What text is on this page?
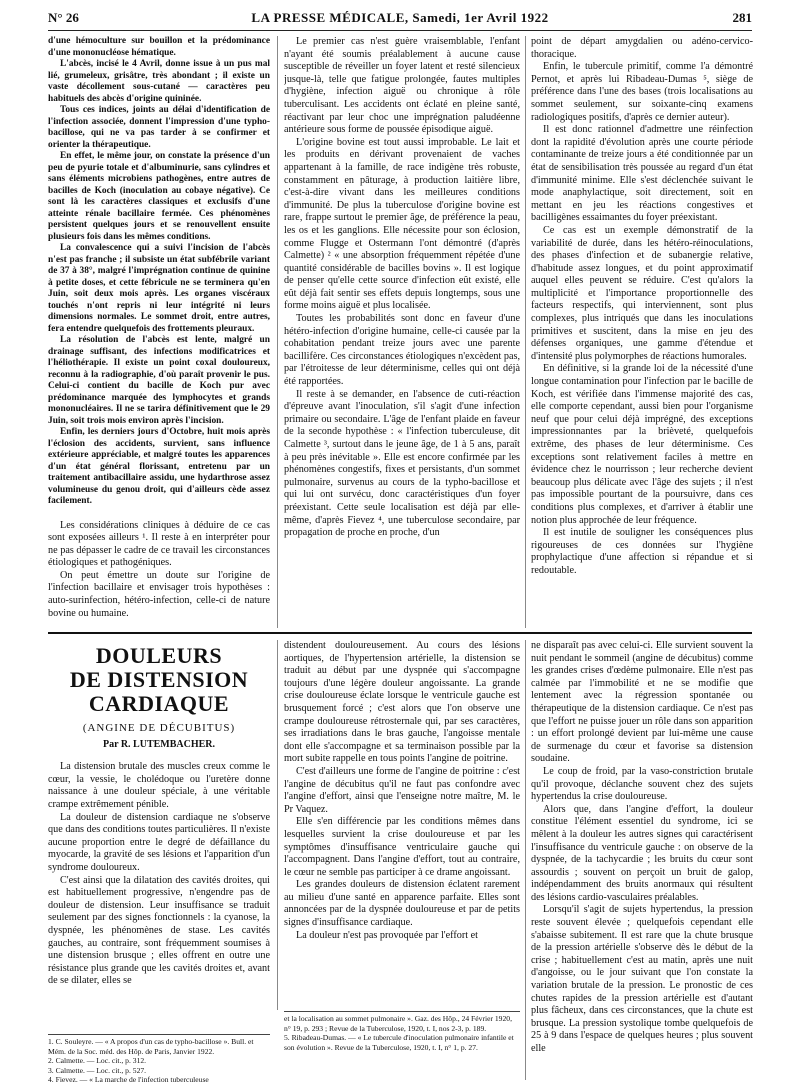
N° 26	LA PRESSE MÉDICALE, Samedi, 1er Avril 1922	281

d'une hémoculture sur bouillon et la prédominance d'une mononucléose hématique.

L'abcès, incisé le 4 Avril, donne issue à un pus mal lié, grumeleux, grisâtre, très abondant ; il existe un vaste décollement sous-cutané — caractères peu habituels des abcès d'origine quininée.

Tous ces indices, joints au délai d'identification de l'infection associée, donnent l'impression d'une typho-bacillose, qui ne va pas tarder à se confirmer et orienter la thérapeutique.

En effet, le même jour, on constate la présence d'un peu de pyurie totale et d'albuminurie, sans cylindres et sans éléments microbiens pathogènes, entre autres de bacilles de Koch (inoculation au cobaye négative). Ce sont là les caractères classiques et exclusifs d'une atteinte rénale bacillaire fermée. Ces phénomènes persistent quelques jours et se renouvellent ensuite plusieurs fois dans les mêmes conditions.

La convalescence qui a suivi l'incision de l'abcès n'est pas franche ; il subsiste un état subfébrile variant de 37 à 38°, malgré l'imprégnation continue de quinine à petite doses, et cette fébricule ne se terminera qu'en Juin, soit deux mois après. Les organes viscéraux touchés n'ont repris ni leur intégrité ni leurs dimensions normales. Le sommet droit, entre autres, fera entendre quelquefois des frottements pleuraux.

La résolution de l'abcès est lente, malgré un drainage suffisant, des infections modificatrices et l'héliothérapie. Il existe un point coxal douloureux, reconnu à la radiographie, d'où paraît provenir le pus. Celui-ci contient du bacille de Koch pur avec prédominance marquée des lymphocytes et grands mononucléaires. Il ne se tarira définitivement que le 29 Juin, soit trois mois environ après l'incision.

Enfin, les derniers jours d'Octobre, huit mois après l'éclosion des accidents, survient, sans influence extérieure appréciable, et malgré toutes les apparences d'un état général florissant, entretenu par un traitement antibacillaire assidu, une hydarthrose assez volumineuse du genou droit, qui d'ailleurs cède assez facilement.

Les considérations cliniques à déduire de ce cas sont exposées ailleurs ¹. Il reste à en interpréter pour ne pas dépasser le cadre de ce travail les circonstances étiologiques et pathogéniques.

On peut émettre un doute sur l'origine de l'infection bacillaire et envisager trois hypothèses : auto-surinfection, hétéro-infection, celle-ci de nature bovine ou humaine.

Le premier cas n'est guère vraisemblable, l'enfant n'ayant été soumis préalablement à aucune cause susceptible de réveiller un foyer latent et resté silencieux jusque-là, telle que fatigue prolongée, fautes multiples d'hygiène, infection aiguë ou chronique à rôle tuberculisant. Les accidents ont éclaté en pleine santé, réactivant par leur choc une imprégnation paludéenne antérieure sous forme de poussée épisodique aiguë.

L'origine bovine est tout aussi improbable. Le lait et les produits en dérivant provenaient de vaches appartenant à la famille, de race indigène très robuste, constamment en pâturage, à production laitière libre, c'est-à-dire vivant dans les meilleures conditions d'immunité. De plus la tuberculose d'origine bovine est rare, frappe surtout le premier âge, de préférence la peau, les os et les ganglions. Elle nécessite pour son éclosion, comme Flugge et Ostermann l'ont démontré (d'après Calmette) ² « une absorption fréquemment répétée d'une quantité considérable de bacilles bovins ». Il est logique de penser qu'elle cette source d'infection eût existé, elle eût déjà fait sentir ses effets depuis longtemps, sous une forme moins aiguë et plus localisée.

Toutes les probabilités sont donc en faveur d'une hétéro-infection d'origine humaine, celle-ci causée par la cohabitation pendant treize jours avec une parente bacillifère. Ces circonstances étiologiques n'excèdent pas, par l'étroitesse de leur déterminisme, celles qui ont déjà été rapportées.

Il reste à se demander, en l'absence de cuti-réaction d'épreuve avant l'inoculation, s'il s'agit d'une infection primaire ou secondaire. L'âge de l'enfant plaide en faveur de la seconde hypothèse : « l'infection tuberculeuse, dit Calmette ³, surtout dans le jeune âge, de 1 à 5 ans, paraît à peu près inévitable ». Elle est encore confirmée par les phénomènes congestifs, fixes et persistants, d'un sommet pulmonaire, survenus au cours de la typho-bacillose et qui lui ont survécu, donc caractéristiques d'un foyer préexistant. Cette seule localisation est déjà par elle-même, d'après Fievez ⁴, une tuberculose secondaire, par propagation de proche en proche, d'un

point de départ amygdalien ou adéno-cervico-thoracique.

Enfin, le tubercule primitif, comme l'a démontré Pernot, et après lui Ribadeau-Dumas ⁵, siège de préférence dans l'une des bases (trois localisations au sommet seulement, sur soixante-cinq examens radiologiques positifs, d'après ce dernier auteur).

Il est donc rationnel d'admettre une réinfection dont la rapidité d'évolution après une courte période contaminante de treize jours a été conditionnée par un état de sensibilisation très poussée au regard d'un état d'immunité minime. Elle s'est déclenchée suivant le mode anaphylactique, soit directement, soit en mettant en jeu les réactions congestives et bacilligènes essaimantes du foyer préexistant.

Ce cas est un exemple démonstratif de la variabilité de durée, dans les hétéro-réinoculations, des phases d'infection et de subanergie relative, d'habitude assez longues, et du point approximatif auquel elles peuvent se réduire. C'est qu'alors la multiplicité et l'importance proportionnelle des facteurs respectifs, qui interviennent, sont plus complexes, plus intriqués que dans les inoculations primitives et suscitent, dans la mise en jeu des défenses organiques, une gamme d'étendue et d'intensité plus polymorphes de réactions humorales.

En définitive, si la grande loi de la nécessité d'une longue contamination pour l'infection par le bacille de Koch, est vérifiée dans l'immense majorité des cas, elle comporte cependant, aussi bien pour l'organisme neuf que pour celui déjà imprégné, des exceptions impressionnantes par la brièveté, quelquefois extrême, des phases de leur déterminisme. Ces exceptions sont relativement faciles à mettre en évidence chez le nourrisson ; leur recherche devient beaucoup plus délicate avec l'âge des sujets ; il n'est pas impossible pourtant de la poursuivre, dans ces conditions plus complexes, et d'arriver à établir une notion plus approchée de leur fréquence.

Il est inutile de souligner les conséquences plus rigoureuses de ces données sur l'hygiène prophylactique d'une affection si répandue et si redoutable.

DOULEURS
DE DISTENSION CARDIAQUE
(ANGINE DE DÉCUBITUS)
Par R. LUTEMBACHER.

La distension brutale des muscles creux comme le cœur, la vessie, le cholédoque ou l'uretère donne naissance à une douleur spéciale, à une véritable crampe extrêmement pénible.

La douleur de distension cardiaque ne s'observe que dans des conditions toutes particulières. Il n'existe aucune proportion entre le degré de défaillance du myocarde, la gravité de ses lésions et l'apparition d'un syndrome douloureux.

C'est ainsi que la dilatation des cavités droites, qui est habituellement progressive, n'engendre pas de douleur de distension. Leur insuffisance se traduit seulement par des signes fonctionnels : la cyanose, la dyspnée, les phénomènes de stase. Les cavités gauches, au contraire, sont fréquemment soumises à une distension brusque ; elles offrent en outre une résistance plus grande que les cavités droites et, avant de se dilater, elles se

distendent douloureusement. Au cours des lésions aortiques, de l'hypertension artérielle, la distension se traduit au début par une dyspnée qui s'accompagne toujours d'une légère douleur angoissante. La grande crise douloureuse éclate lorsque le ventricule gauche est brusquement forcé ; c'est alors que l'on observe une crampe douloureuse rétrosternale qui, par ses caractères, ses irradiations dans le bras gauche, l'angoisse mentale dont elle s'accompagne et sa terminaison possible par la mort subite rappelle en tous points l'angine de poitrine.

C'est d'ailleurs une forme de l'angine de poitrine : c'est l'angine de décubitus qu'il ne faut pas confondre avec l'angine d'effort, ainsi que l'enseigne notre maître, M. le Pr Vaquez.

Elle s'en différencie par les conditions mêmes dans lesquelles survient la crise douloureuse et par les symptômes d'insuffisance ventriculaire gauche qui l'accompagnent. Dans l'angine d'effort, tout au contraire, le cœur ne semble pas participer à ce drame angoissant.

Les grandes douleurs de distension éclatent rarement au milieu d'une santé en apparence parfaite. Elles sont annoncées par de la dyspnée douloureuse et par de petits signes d'insuffisance cardiaque.

La douleur n'est pas provoquée par l'effort et

ne disparaît pas avec celui-ci. Elle survient souvent la nuit pendant le sommeil (angine de décubitus) comme les grandes crises d'œdème pulmonaire. Elle n'est pas calmée par l'immobilité et ne se modifie que lentement avec la régression spontanée ou thérapeutique de la distension cardiaque. Ce n'est pas que l'effort ne puisse jouer un rôle dans son apparition : un effort prolongé devient par lui-même une cause de surmenage du cœur et favorise sa distension soudaine.

Le coup de froid, par la vaso-constriction brutale qu'il provoque, déclanche souvent chez des sujets hypertendus la crise douloureuse.

Alors que, dans l'angine d'effort, la douleur constitue l'élément essentiel du syndrome, ici se mêlent à la douleur les autres signes qui caractérisent l'insuffisance du ventricule gauche : on observe de la dyspnée, de la tachycardie ; les bruits du cœur sont assourdis ; souvent on perçoit un bruit de galop, indépendamment des bruits anormaux qui résultent des lésions cardio-vasculaires préalables.

Lorsqu'il s'agit de sujets hypertendus, la pression reste souvent élevée ; quelquefois cependant elle s'abaisse subitement. Il est rare que la chute brusque de la pression artérielle s'observe dès le début de la crise ; habituellement c'est au matin, après une nuit d'angoisse, ou le jour suivant que l'on constate la variation brutale de la pression. Le pronostic de ces chutes rapides de la pression artérielle est d'autant plus fâcheux, dans ces circonstances, que la chute est brusque. La pression systolique tombe quelquefois de 25 à 9 dans l'espace de quelques heures ; plus souvent elle

1. C. Souleyre. — « A propos d'un cas de typho-bacillose ». Bull. et Mém. de la Soc. méd. des Hôp. de Paris, Janvier 1922.
2. Calmette. — Loc. cit., p. 312.
3. Calmette. — Loc. cit., p. 527.
4. Fievez. — « La marche de l'infection tuberculeuse
et la localisation au sommet pulmonaire ». Gaz. des Hôp., 24 Février 1920, n° 19, p. 293 ; Revue de la Tuberculose, 1920, t. I, nos 2-3, p. 189.
5. Ribadeau-Dumas. — « Le tubercule d'inoculation pulmonaire infantile et son évolution ». Revue de la Tuberculose, 1920, t. I, n° 1, p. 27.
